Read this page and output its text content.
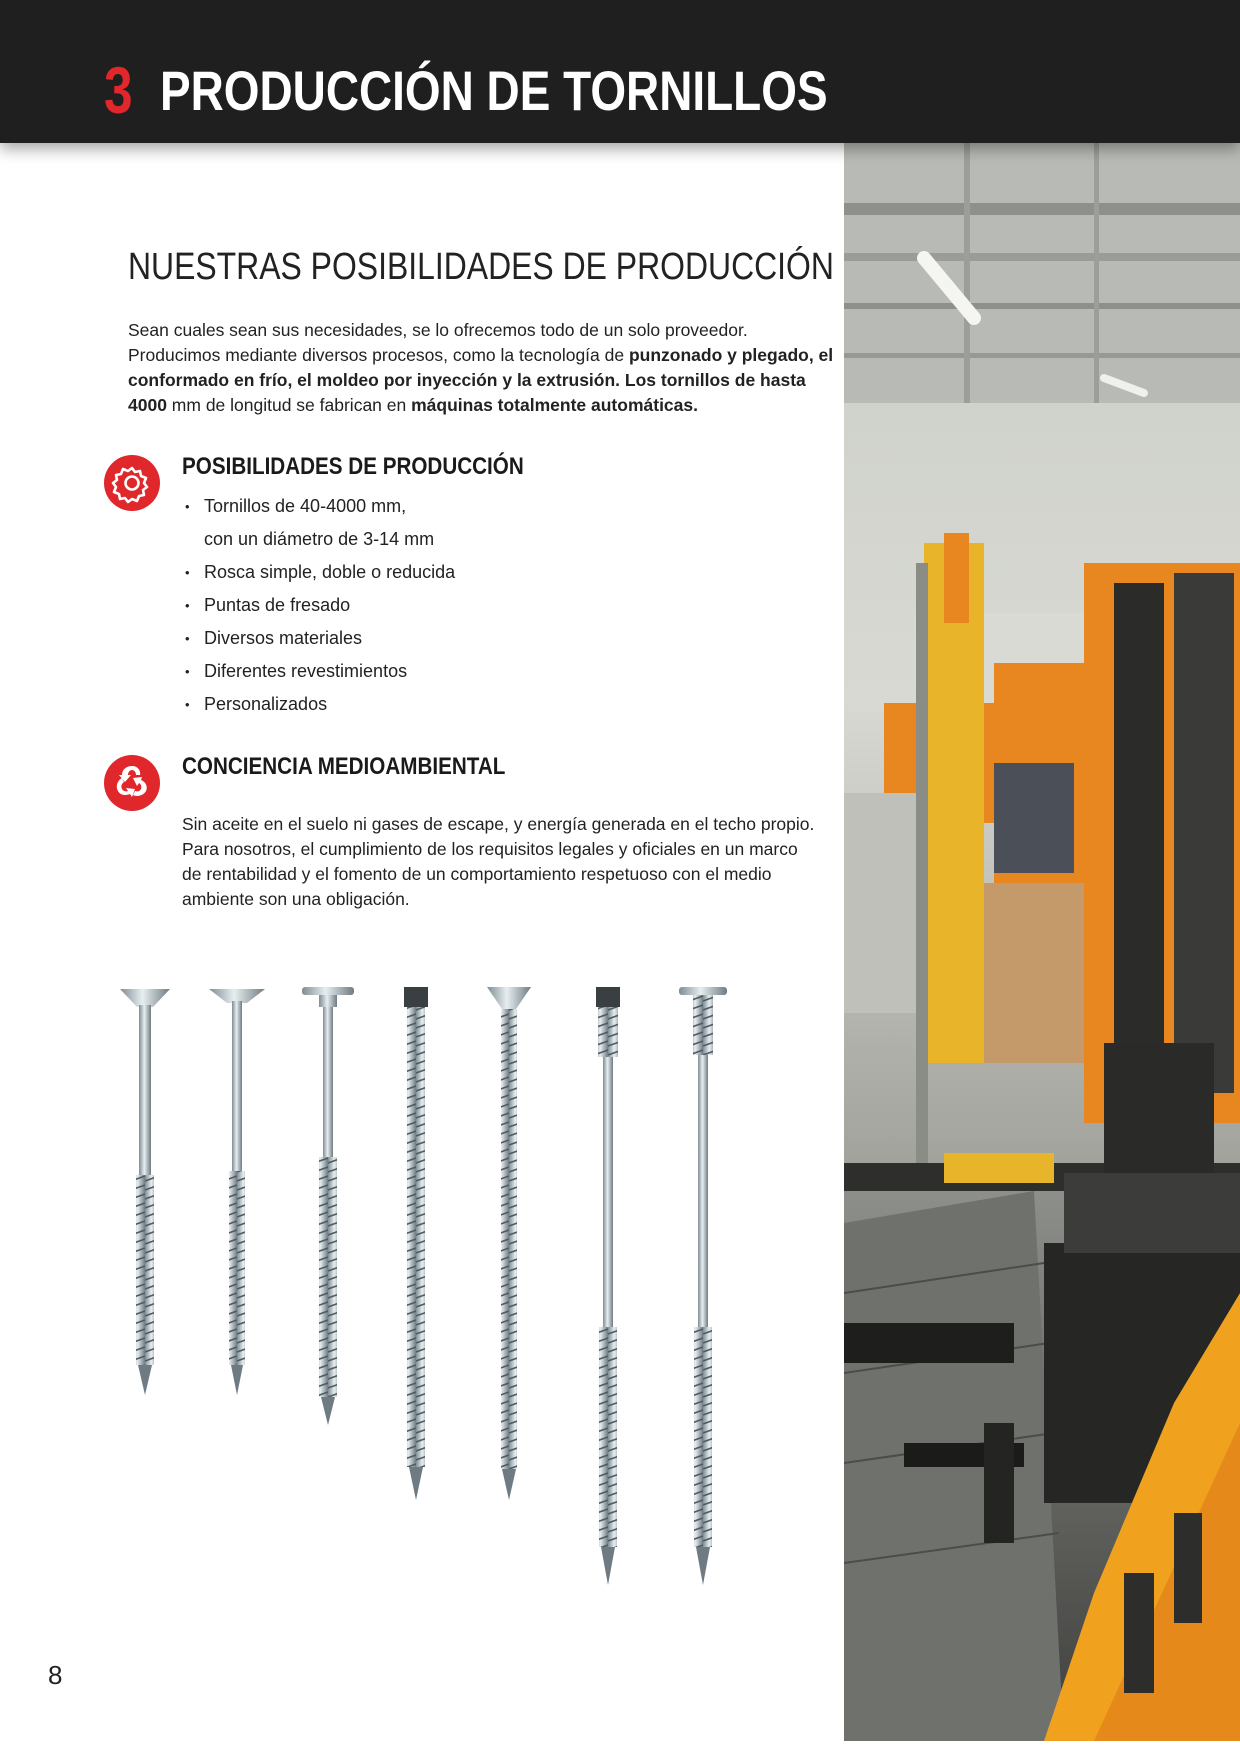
3 PRODUCCIÓN DE TORNILLOS
NUESTRAS POSIBILIDADES DE PRODUCCIÓN

Sean cuales sean sus necesidades, se lo ofrecemos todo de un solo proveedor. Producimos mediante diversos procesos, como la tecnología de punzonado y plegado, el conformado en frío, el moldeo por inyección y la extrusión. Los tornillos de hasta 4000 mm de longitud se fabrican en máquinas totalmente automáticas.

POSIBILIDADES DE PRODUCCIÓN
• Tornillos de 40-4000 mm,
con un diámetro de 3-14 mm
• Rosca simple, doble o reducida
• Puntas de fresado
• Diversos materiales
• Diferentes revestimientos
• Personalizados
CONCIENCIA MEDIOAMBIENTAL

Sin aceite en el suelo ni gases de escape, y energía generada en el techo propio. Para nosotros, el cumplimiento de los requisitos legales y oficiales en un marco de rentabilidad y el fomento de un comportamiento respetuoso con el medio ambiente son una obligación.

8
